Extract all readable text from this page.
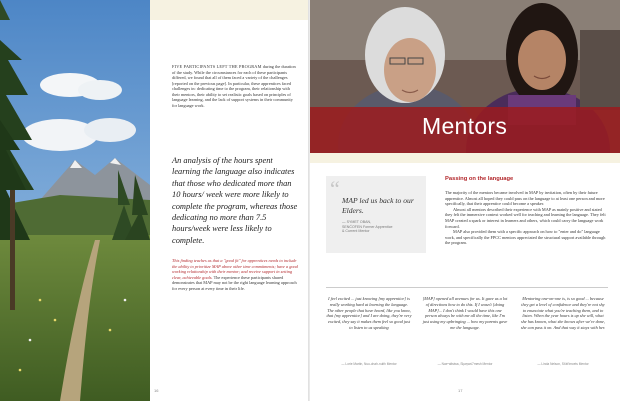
FIVE PARTICIPANTS LEFT THE PROGRAM during the duration of the study. While the circumstances for each of these participants differed, we found that all of them faced a variety of the challenges [reported on the previous page]. In particular, these apprentices faced challenges in: dedicating time to the program, their relationship with their mentors, their ability to set realistic goals based on principles of language learning, and the lack of support systems in their community for language work.
An analysis of the hours spent learning the language also indicates that those who dedicated more than 10 hours/ week were more likely to complete the program, whereas those dedicating no more than 7.5 hours/week were less likely to complete.
This finding teaches us that a "good fit" for apprentices needs to include the ability to prioritize MAP above other time commitments; have a good working relationship with their mentor; and receive support in setting clear, achievable goals. The experience these participants shared demonstrates that MAP may not be the right language learning approach for every person at every time in their life.
16
Mentors
“ MAP led us back to our Elders.
— SYMET OBAN,
SENĆOŦEN Former Apprentice
& Current Mentor
Passing on the language

The majority of the mentors became involved in MAP by invitation, often by their future apprentice. Almost all hoped they could pass on the language to at least one person and more specifically, that their apprentice could become a speaker.

Almost all mentors described their experience with MAP as mainly positive and stated they felt the immersive context worked well for teaching and learning the language. They felt MAP created a spark or interest in learners and others, which could carry the language work forward.

MAP also provided them with a specific approach on how to "enter and do" language work, and specifically the FPCC mentors appreciated the structural support available through the program.

I feel excited ... just knowing [my apprentice] is really working hard at learning the language. The other people that have heard, like you know, that [my apprentice] and I are doing, they're very excited, they say it makes them feel so good just to listen to us speaking
— Lorie Martin, Nuu-chah-nulth Mentor
[MAP] opened all avenues for us. It gave us a lot of directions how to do this. If I wasn't [doing MAP]... I don't think I would have this one person always be with me all the time, like I'm just using my upbringing ... how my parents gave me the language.
— Naxʷaltsiwa, Sḵwx̱wú7mesh Mentor
Mentoring one-on-one is, is so good ... because they get a level of confidence and they're not shy to enunciate what you're teaching them, and to listen. When the year hours is up she will, what she has known, what she knows after we're done, she can pass it on. And that way it stays with her.
— Linda Nelson, St'át'imcets Mentor
17
